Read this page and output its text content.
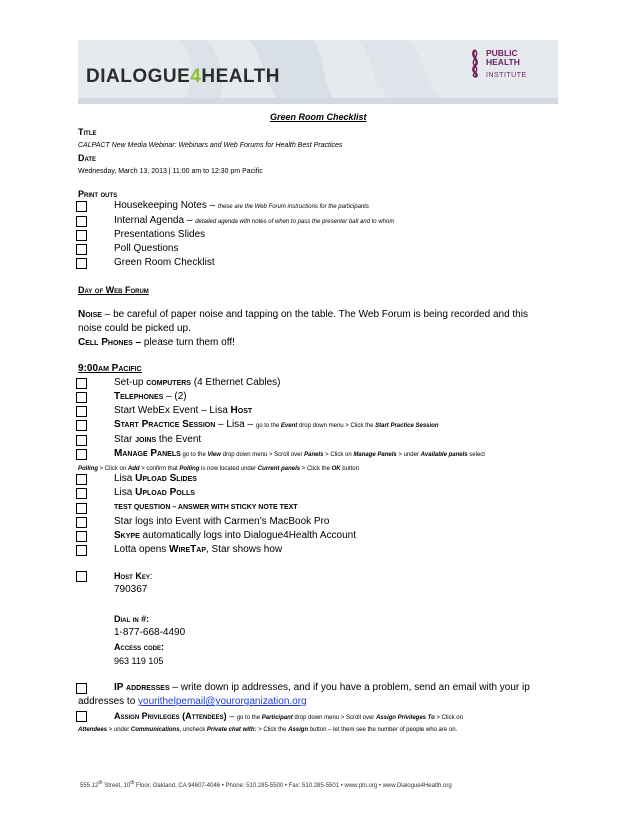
DIALOGUE4HEALTH
PUBLIC
HEALTH
INSTITUTE
Green Room Checklist
Title
CALPACT New Media Webinar: Webinars and Web Forums for Health Best Practices
Date
Wednesday, March 13, 2013 | 11:00 am to 12:30 pm Pacific
Print outs
Housekeeping Notes – these are the Web Forum instructions for the participants
Internal Agenda – detailed agenda with notes of when to pass the presenter ball and to whom
Presentations Slides
Poll Questions
Green Room Checklist
Day of Web Forum
Noise – be careful of paper noise and tapping on the table. The Web Forum is being recorded and this
noise could be picked up.
Cell Phones – please turn them off!
9:00am Pacific
Set-up computers (4 Ethernet Cables)
Telephones – (2)
Start WebEx Event – Lisa Host
Start Practice Session – Lisa – go to the Event drop down menu > Click the Start Practice Session
Star joins the Event
Manage Panels go to the View drop down menu > Scroll over Panels > Click on Manage Panels > under Available panels select
Polling > Click on Add > confirm that Polling is now located under Current panels > Click the OK button
Lisa Upload Slides
Lisa Upload Polls
TEST QUESTION – ANSWER WITH STICKY NOTE TEXT
Star logs into Event with Carmen’s MacBook Pro
Skype automatically logs into Dialogue4Health Account
Lotta opens WireTap, Star shows how
Host Key:
790367
Dial in #:
1-877-668-4490
Access code:
963 119 105
IP addresses – write down ip addresses, and if you have a problem, send an email with your ip
addresses to yourithelpemail@yourorganization.org
Assign Privileges (Attendees) – go to the Participant drop down menu > Scroll over Assign Privileges To > Click on
Attendees > under Communications, uncheck Private chat with: > Click the Assign button – let them see the number of people who are on.
555 12th Street, 10th Floor, Oakland, CA 94607-4046 • Phone: 510.285-5500 • Fax: 510.285-5501 • www.phi.org • www.Dialogue4Health.org
